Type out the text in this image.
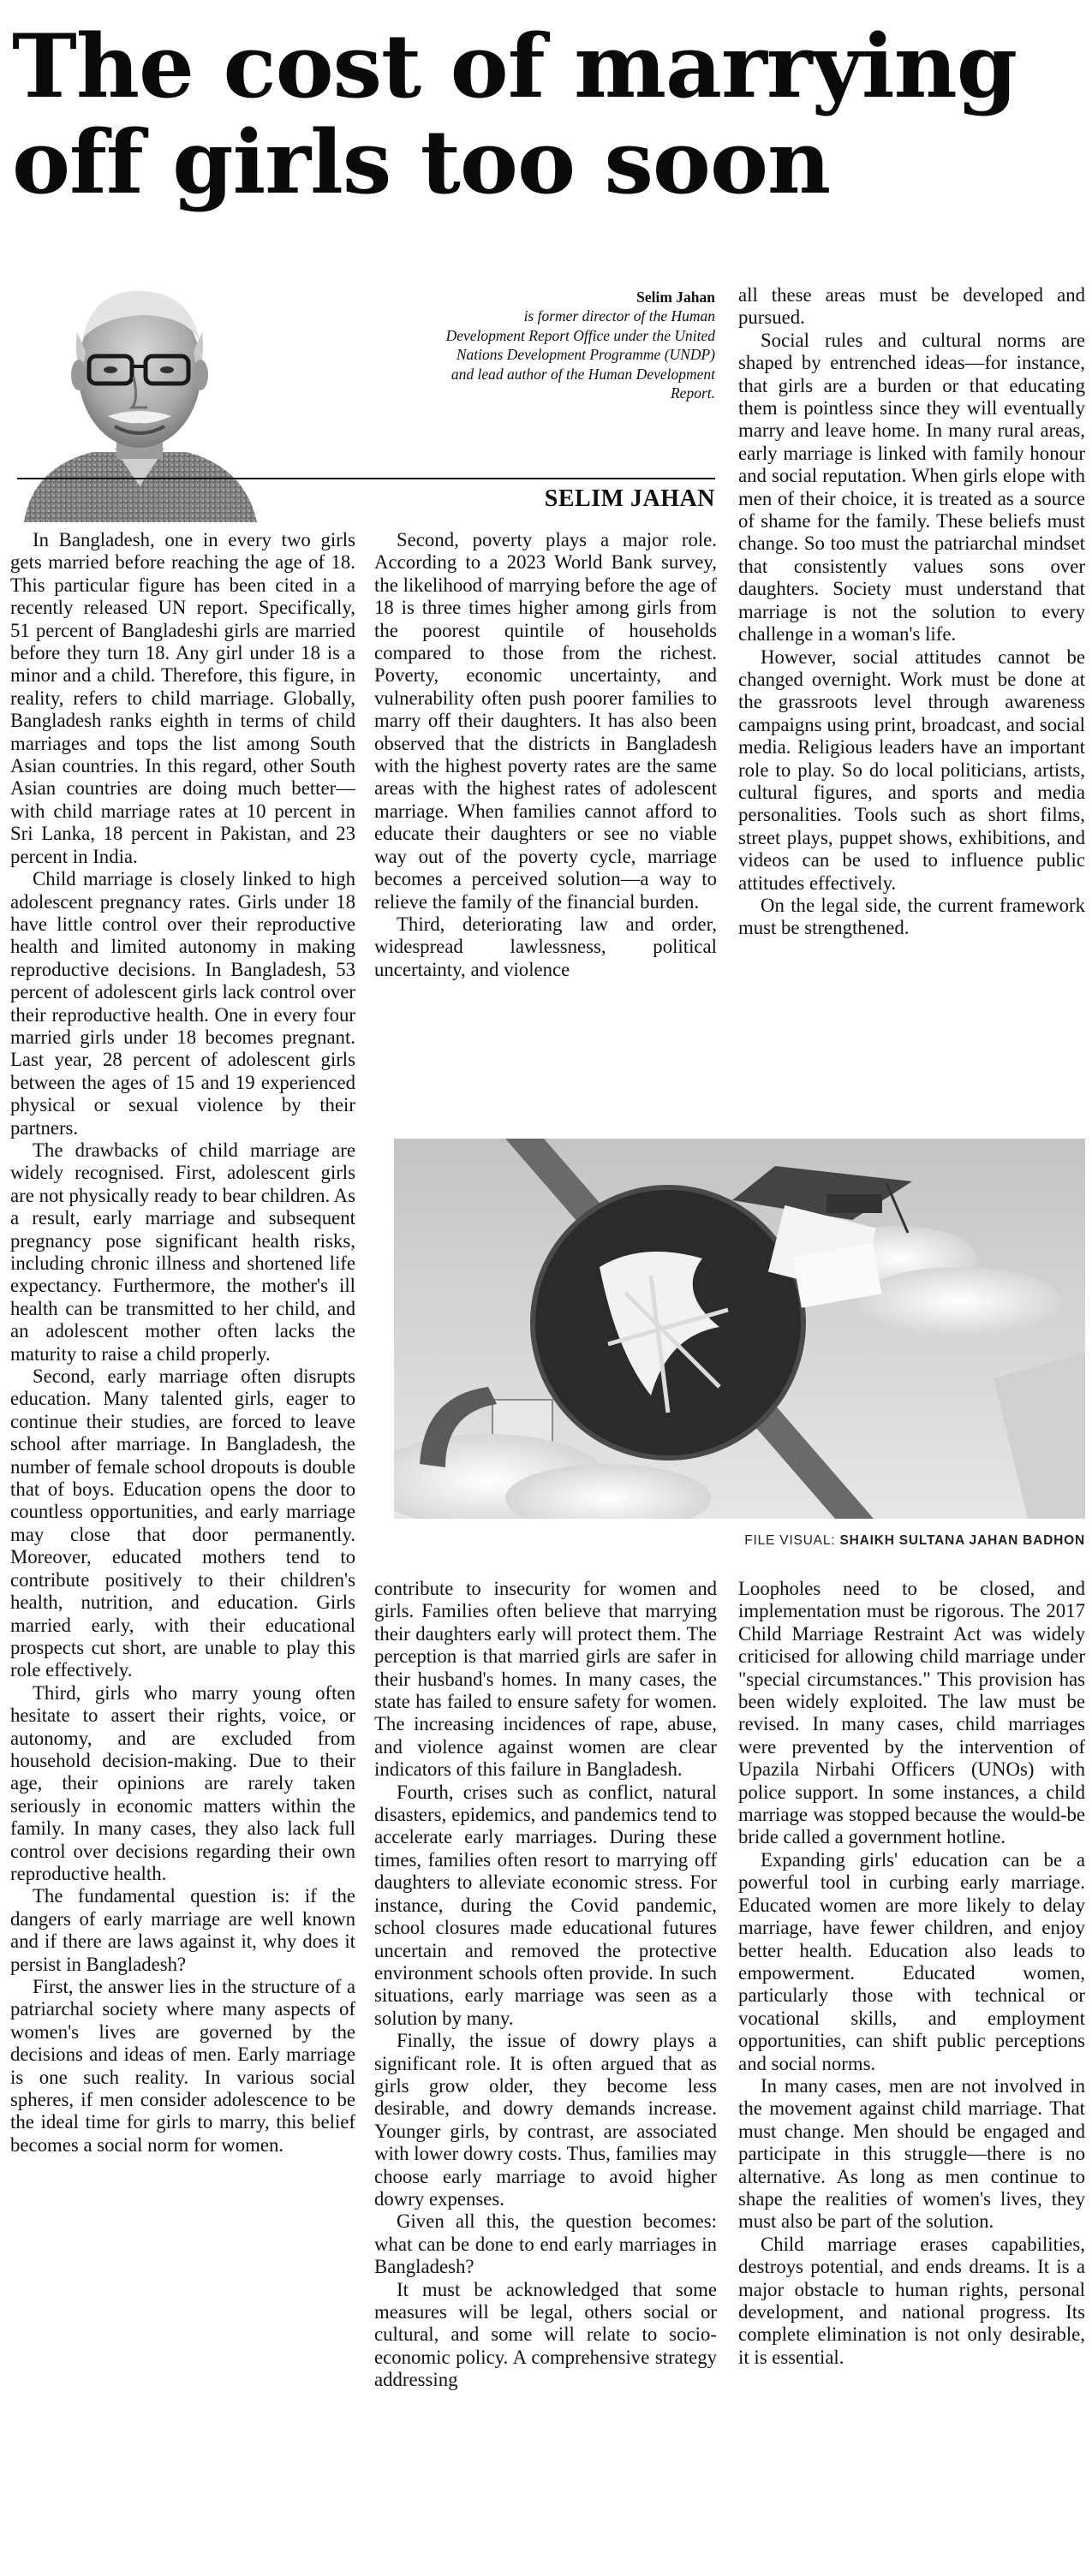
The cost of marrying
off girls too soon
Selim Jahan
is former director of the Human
Development Report Office under the United
Nations Development Programme (UNDP)
and lead author of the Human Development
Report.
SELIM JAHAN

In Bangladesh, one in every two girls gets married before reaching the age of 18. This particular figure has been cited in a recently released UN report. Specifically, 51 percent of Bangladeshi girls are married before they turn 18. Any girl under 18 is a minor and a child. Therefore, this figure, in reality, refers to child marriage. Globally, Bangladesh ranks eighth in terms of child marriages and tops the list among South Asian countries. In this regard, other South Asian countries are doing much better—with child marriage rates at 10 percent in Sri Lanka, 18 percent in Pakistan, and 23 percent in India.

Child marriage is closely linked to high adolescent pregnancy rates. Girls under 18 have little control over their reproductive health and limited autonomy in making reproductive decisions. In Bangladesh, 53 percent of adolescent girls lack control over their reproductive health. One in every four married girls under 18 becomes pregnant. Last year, 28 percent of adolescent girls between the ages of 15 and 19 experienced physical or sexual violence by their partners.

The drawbacks of child marriage are widely recognised. First, adolescent girls are not physically ready to bear children. As a result, early marriage and subsequent pregnancy pose significant health risks, including chronic illness and shortened life expectancy. Furthermore, the mother's ill health can be transmitted to her child, and an adolescent mother often lacks the maturity to raise a child properly.

Second, early marriage often disrupts education. Many talented girls, eager to continue their studies, are forced to leave school after marriage. In Bangladesh, the number of female school dropouts is double that of boys. Education opens the door to countless opportunities, and early marriage may close that door permanently. Moreover, educated mothers tend to contribute positively to their children's health, nutrition, and education. Girls married early, with their educational prospects cut short, are unable to play this role effectively.

Third, girls who marry young often hesitate to assert their rights, voice, or autonomy, and are excluded from household decision-making. Due to their age, their opinions are rarely taken seriously in economic matters within the family. In many cases, they also lack full control over decisions regarding their own reproductive health.

The fundamental question is: if the dangers of early marriage are well known and if there are laws against it, why does it persist in Bangladesh?

First, the answer lies in the structure of a patriarchal society where many aspects of women's lives are governed by the decisions and ideas of men. Early marriage is one such reality. In various social spheres, if men consider adolescence to be the ideal time for girls to marry, this belief becomes a social norm for women.

Second, poverty plays a major role. According to a 2023 World Bank survey, the likelihood of marrying before the age of 18 is three times higher among girls from the poorest quintile of households compared to those from the richest. Poverty, economic uncertainty, and vulnerability often push poorer families to marry off their daughters. It has also been observed that the districts in Bangladesh with the highest poverty rates are the same areas with the highest rates of adolescent marriage. When families cannot afford to educate their daughters or see no viable way out of the poverty cycle, marriage becomes a perceived solution—a way to relieve the family of the financial burden.

Third, deteriorating law and order, widespread lawlessness, political uncertainty, and violence

all these areas must be developed and pursued.

Social rules and cultural norms are shaped by entrenched ideas—for instance, that girls are a burden or that educating them is pointless since they will eventually marry and leave home. In many rural areas, early marriage is linked with family honour and social reputation. When girls elope with men of their choice, it is treated as a source of shame for the family. These beliefs must change. So too must the patriarchal mindset that consistently values sons over daughters. Society must understand that marriage is not the solution to every challenge in a woman's life.

However, social attitudes cannot be changed overnight. Work must be done at the grassroots level through awareness campaigns using print, broadcast, and social media. Religious leaders have an important role to play. So do local politicians, artists, cultural figures, and sports and media personalities. Tools such as short films, street plays, puppet shows, exhibitions, and videos can be used to influence public attitudes effectively.

On the legal side, the current framework must be strengthened.

FILE VISUAL: SHAIKH SULTANA JAHAN BADHON

contribute to insecurity for women and girls. Families often believe that marrying their daughters early will protect them. The perception is that married girls are safer in their husband's homes. In many cases, the state has failed to ensure safety for women. The increasing incidences of rape, abuse, and violence against women are clear indicators of this failure in Bangladesh.

Fourth, crises such as conflict, natural disasters, epidemics, and pandemics tend to accelerate early marriages. During these times, families often resort to marrying off daughters to alleviate economic stress. For instance, during the Covid pandemic, school closures made educational futures uncertain and removed the protective environment schools often provide. In such situations, early marriage was seen as a solution by many.

Finally, the issue of dowry plays a significant role. It is often argued that as girls grow older, they become less desirable, and dowry demands increase. Younger girls, by contrast, are associated with lower dowry costs. Thus, families may choose early marriage to avoid higher dowry expenses.

Given all this, the question becomes: what can be done to end early marriages in Bangladesh?

It must be acknowledged that some measures will be legal, others social or cultural, and some will relate to socio-economic policy. A comprehensive strategy addressing

Loopholes need to be closed, and implementation must be rigorous. The 2017 Child Marriage Restraint Act was widely criticised for allowing child marriage under "special circumstances." This provision has been widely exploited. The law must be revised. In many cases, child marriages were prevented by the intervention of Upazila Nirbahi Officers (UNOs) with police support. In some instances, a child marriage was stopped because the would-be bride called a government hotline.

Expanding girls' education can be a powerful tool in curbing early marriage. Educated women are more likely to delay marriage, have fewer children, and enjoy better health. Education also leads to empowerment. Educated women, particularly those with technical or vocational skills, and employment opportunities, can shift public perceptions and social norms.

In many cases, men are not involved in the movement against child marriage. That must change. Men should be engaged and participate in this struggle—there is no alternative. As long as men continue to shape the realities of women's lives, they must also be part of the solution.

Child marriage erases capabilities, destroys potential, and ends dreams. It is a major obstacle to human rights, personal development, and national progress. Its complete elimination is not only desirable, it is essential.
